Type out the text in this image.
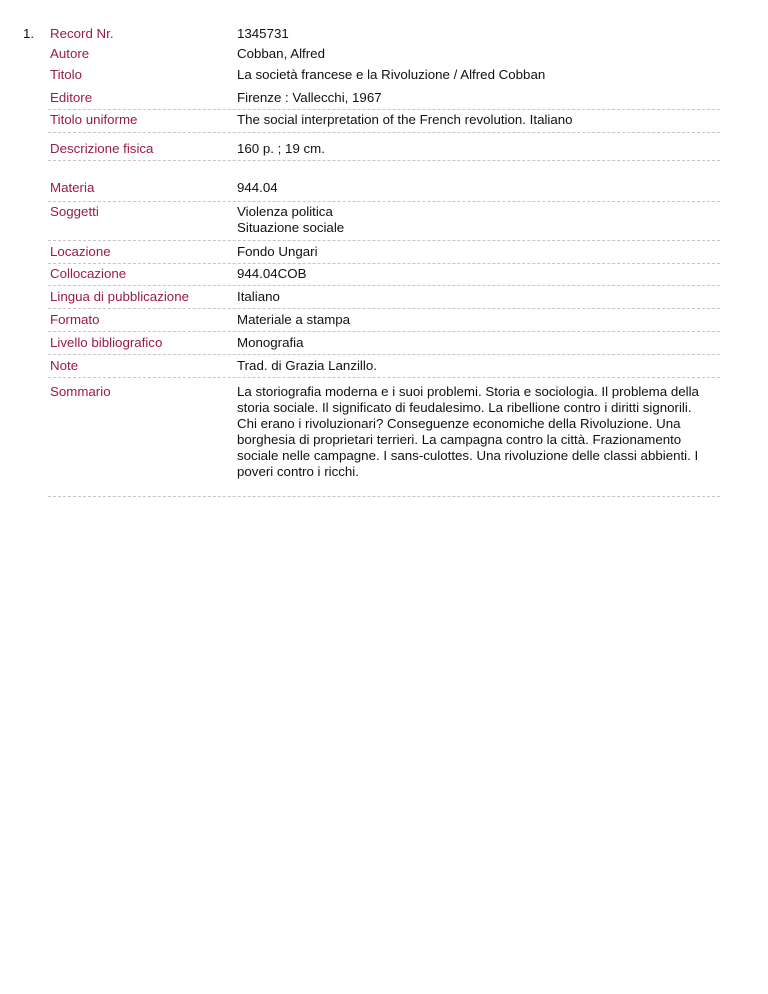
1. Record Nr.	1345731
Autore	Cobban, Alfred
Titolo	La società francese e la Rivoluzione / Alfred Cobban
Editore	Firenze : Vallecchi, 1967
Titolo uniforme	The social interpretation of the French revolution. Italiano
Descrizione fisica	160 p. ; 19 cm.
Materia	944.04
Soggetti	Violenza politica
Situazione sociale
Locazione	Fondo Ungari
Collocazione	944.04COB
Lingua di pubblicazione	Italiano
Formato	Materiale a stampa
Livello bibliografico	Monografia
Note	Trad. di Grazia Lanzillo.
Sommario	La storiografia moderna e i suoi problemi. Storia e sociologia. Il problema della storia sociale. Il significato di feudalesimo. La ribellione contro i diritti signorili. Chi erano i rivoluzionari? Conseguenze economiche della Rivoluzione. Una borghesia di proprietari terrieri. La campagna contro la città. Frazionamento sociale nelle campagne. I sans-culottes. Una rivoluzione delle classi abbienti. I poveri contro i ricchi.
